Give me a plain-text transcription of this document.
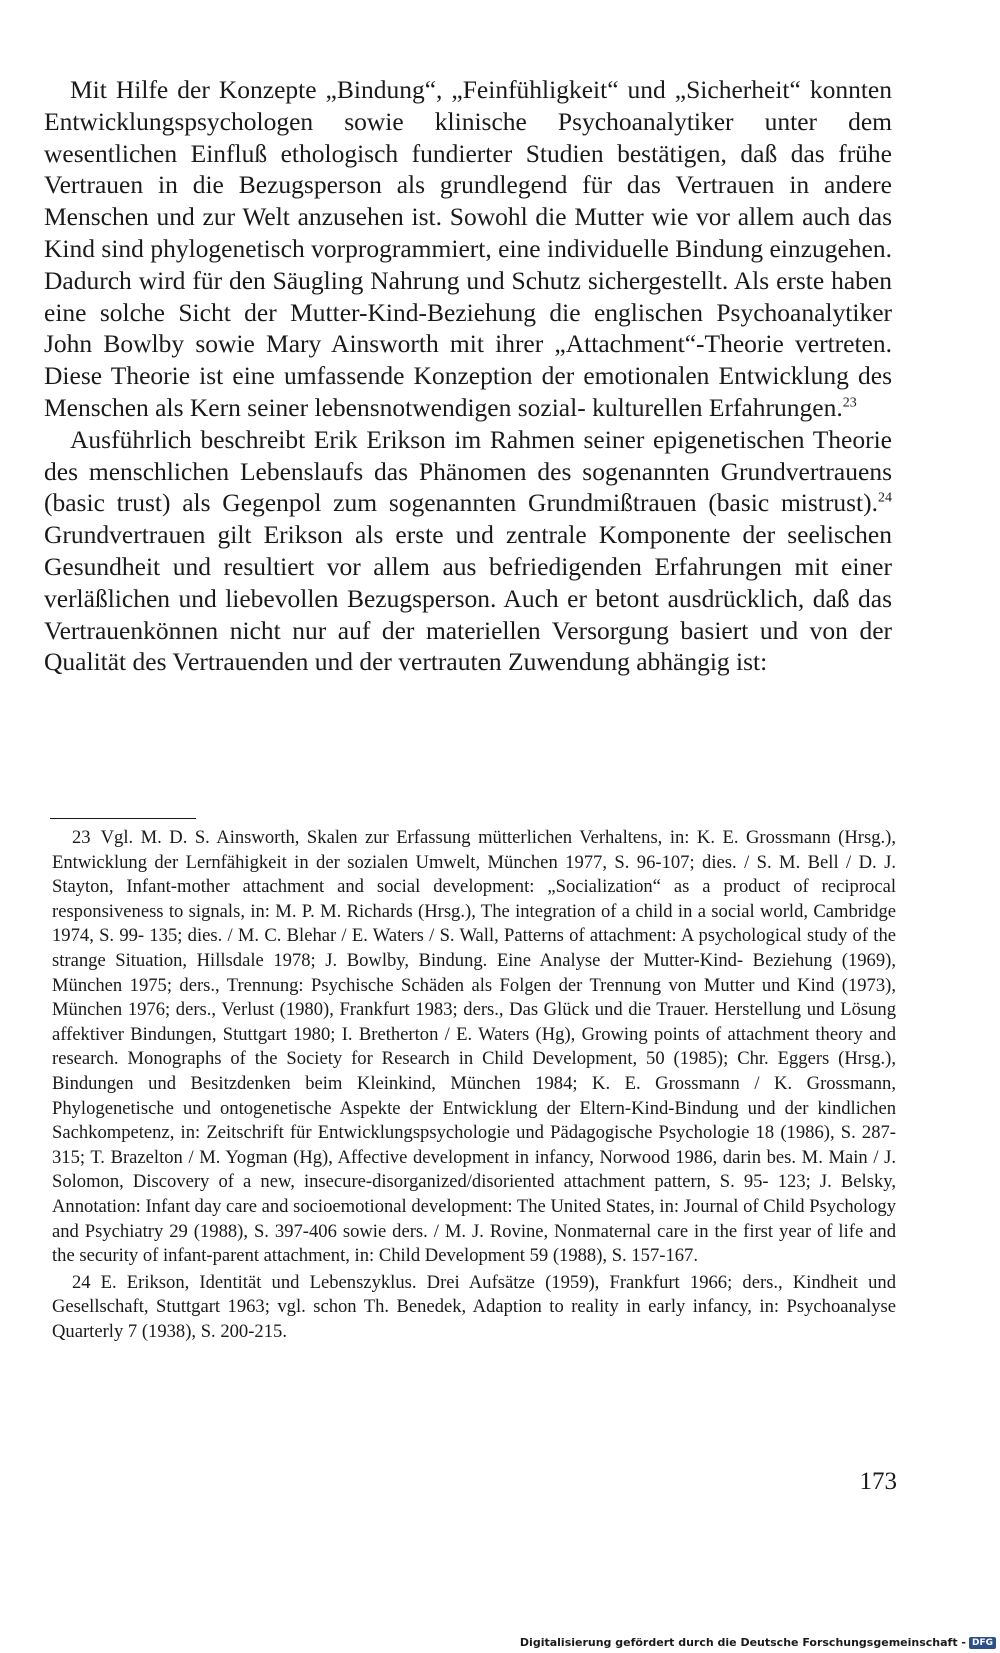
Mit Hilfe der Konzepte „Bindung“, „Feinfühligkeit“ und „Sicherheit“ konnten Entwicklungspsychologen sowie klinische Psychoanalytiker unter dem wesentlichen Einfluß ethologisch fundierter Studien bestätigen, daß das frühe Vertrauen in die Bezugsperson als grundlegend für das Vertrauen in andere Menschen und zur Welt anzusehen ist. Sowohl die Mutter wie vor allem auch das Kind sind phylogenetisch vorprogrammiert, eine individuelle Bindung einzugehen. Dadurch wird für den Säugling Nahrung und Schutz sichergestellt. Als erste haben eine solche Sicht der Mutter-Kind-Beziehung die englischen Psychoanalytiker John Bowlby sowie Mary Ainsworth mit ihrer „Attachment“-Theorie vertreten. Diese Theorie ist eine umfassende Konzeption der emotionalen Entwicklung des Menschen als Kern seiner lebensnotwendigen sozial- kulturellen Erfahrungen.$^{23}$

Ausführlich beschreibt Erik Erikson im Rahmen seiner epigenetischen Theorie des menschlichen Lebenslaufs das Phänomen des sogenannten Grundvertrauens (basic trust) als Gegenpol zum sogenannten Grundmißtrauen (basic mistrust).$^{24}$ Grundvertrauen gilt Erikson als erste und zentrale Komponente der seelischen Gesundheit und resultiert vor allem aus befriedigenden Erfahrungen mit einer verläßlichen und liebevollen Bezugsperson. Auch er betont ausdrücklich, daß das Vertrauenkönnen nicht nur auf der materiellen Versorgung basiert und von der Qualität des Vertrauenden und der vertrauten Zuwendung abhängig ist:

23 Vgl. M. D. S. Ainsworth, Skalen zur Erfassung mütterlichen Verhaltens, in: K. E. Grossmann (Hrsg.), Entwicklung der Lernfähigkeit in der sozialen Umwelt, München 1977, S. 96-107; dies. / S. M. Bell / D. J. Stayton, Infant-mother attachment and social development: „Socialization“ as a product of reciprocal responsiveness to signals, in: M. P. M. Richards (Hrsg.), The integration of a child in a social world, Cambridge 1974, S. 99- 135; dies. / M. C. Blehar / E. Waters / S. Wall, Patterns of attachment: A psychological study of the strange Situation, Hillsdale 1978; J. Bowlby, Bindung. Eine Analyse der Mutter-Kind- Beziehung (1969), München 1975; ders., Trennung: Psychische Schäden als Folgen der Trennung von Mutter und Kind (1973), München 1976; ders., Verlust (1980), Frankfurt 1983; ders., Das Glück und die Trauer. Herstellung und Lösung affektiver Bindungen, Stuttgart 1980; I. Bretherton / E. Waters (Hg), Growing points of attachment theory and research. Monographs of the Society for Research in Child Development, 50 (1985); Chr. Eggers (Hrsg.), Bindungen und Besitzdenken beim Kleinkind, München 1984; K. E. Grossmann / K. Grossmann, Phylogenetische und ontogenetische Aspekte der Entwicklung der Eltern-Kind-Bindung und der kindlichen Sachkompetenz, in: Zeitschrift für Entwicklungspsychologie und Pädagogische Psychologie 18 (1986), S. 287-315; T. Brazelton / M. Yogman (Hg), Affective development in infancy, Norwood 1986, darin bes. M. Main / J. Solomon, Discovery of a new, insecure-disorganized/disoriented attachment pattern, S. 95- 123; J. Belsky, Annotation: Infant day care and socioemotional development: The United States, in: Journal of Child Psychology and Psychiatry 29 (1988), S. 397-406 sowie ders. / M. J. Rovine, Nonmaternal care in the first year of life and the security of infant-parent attachment, in: Child Development 59 (1988), S. 157-167.

24 E. Erikson, Identität und Lebenszyklus. Drei Aufsätze (1959), Frankfurt 1966; ders., Kindheit und Gesellschaft, Stuttgart 1963; vgl. schon Th. Benedek, Adaption to reality in early infancy, in: Psychoanalyse Quarterly 7 (1938), S. 200-215.

173
Digitalisierung gefördert durch die Deutsche Forschungsgemeinschaft - DFG
